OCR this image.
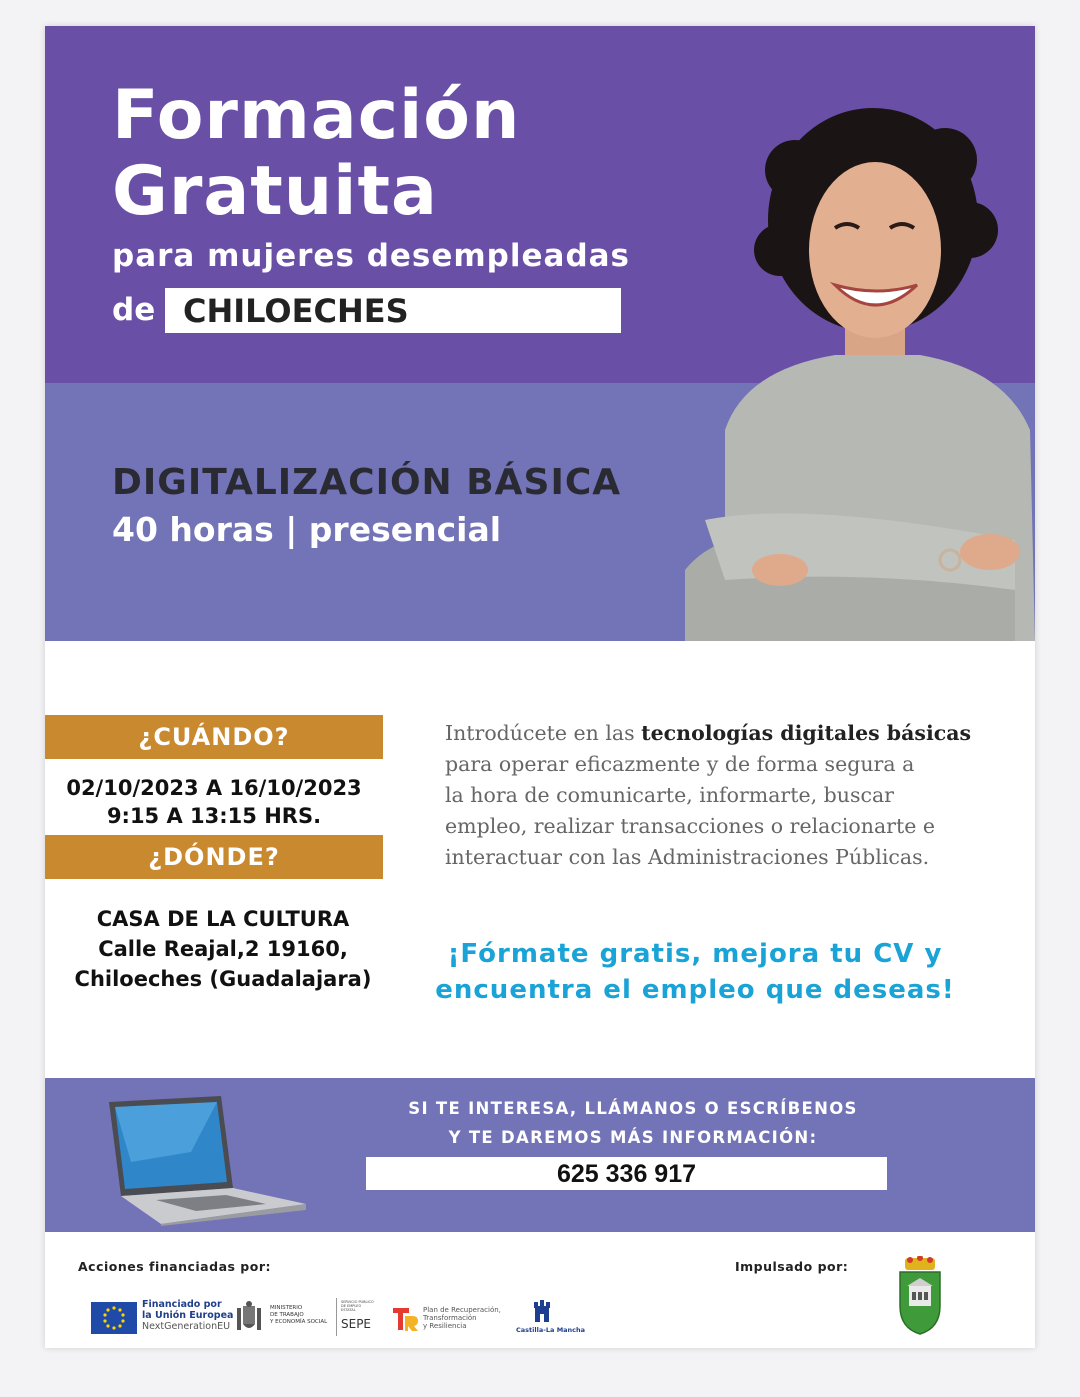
Formación
Gratuita
para mujeres desempleadas
de CHILOECHES
DIGITALIZACIÓN BÁSICA
40 horas | presencial
¿CUÁNDO?
02/10/2023 A 16/10/2023
9:15 A 13:15 HRS.
¿DÓNDE?
CASA DE LA CULTURA
Calle Reajal,2 19160,
Chiloeches (Guadalajara)
Introdúcete en las tecnologías digitales básicas
para operar eficazmente y de forma segura a
la hora de comunicarte, informarte, buscar
empleo, realizar transacciones o relacionarte e
interactuar con las Administraciones Públicas.
¡Fórmate gratis, mejora tu CV y
encuentra el empleo que deseas!
SI TE INTERESA, LLÁMANOS O ESCRÍBENOS
Y TE DAREMOS MÁS INFORMACIÓN:
625 336 917
Acciones financiadas por:	Impulsado por:
Financiado por
la Unión Europea
NextGenerationEU
MINISTERIO
DE TRABAJO
Y ECONOMÍA SOCIAL
SERVICIO PÚBLICO DE EMPLEO ESTATAL
SEPE
Plan de Recuperación,
Transformación
y Resiliencia	Castilla-La Mancha
